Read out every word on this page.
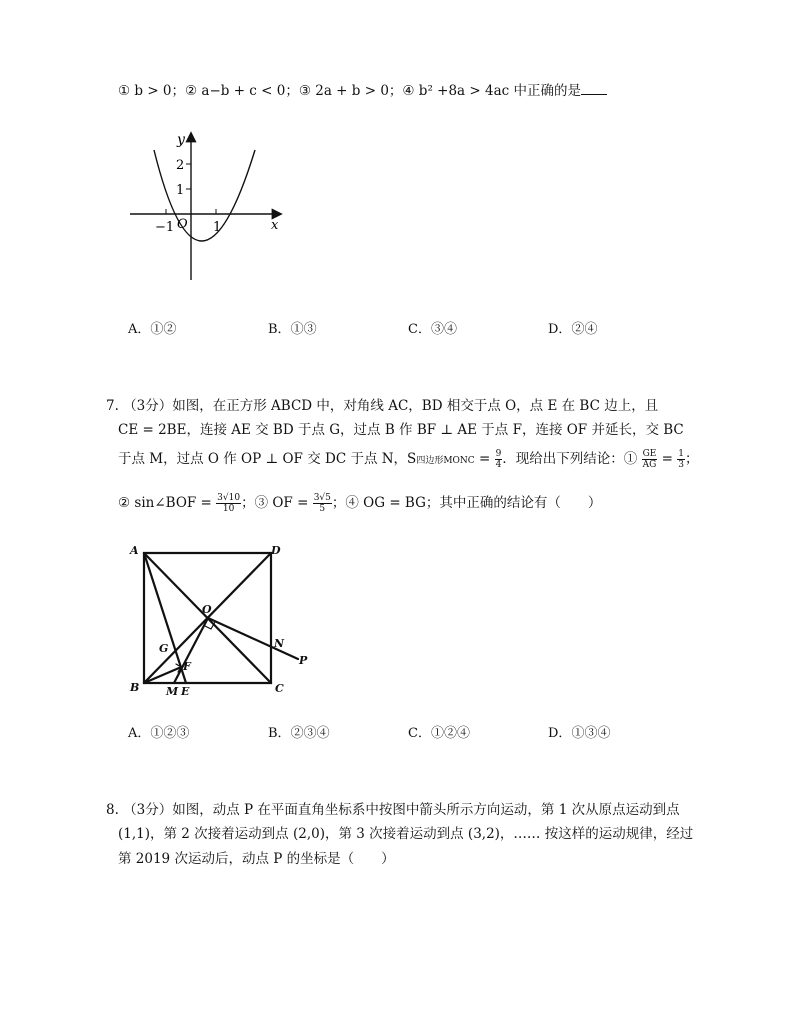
① b > 0；② a−b + c < 0；③ 2a + b > 0；④ b² +8a > 4ac 中正确的是
y
x
O
2
1
−1	1
A．①②	B．①③	C．③④	D．②④
7. （3分）如图，在正方形 ABCD 中，对角线 AC，BD 相交于点 O，点 E 在 BC 边上，且
CE = 2BE，连接 AE 交 BD 于点 G，过点 B 作 BF ⊥ AE 于点 F，连接 OF 并延长，交 BC
于点 M，过点 O 作 OP ⊥ OF 交 DC 于点 N，S四边形MONC = $\frac{9}{4}$ ．现给出下列结论：① $\frac{GE}{AG} = \frac{1}{3}$ ；
② sin∠BOF = $\frac{3√10}{10}$ ；③ OF = $\frac{3√5}{5}$ ；④ OG = BG；其中正确的结论有（　　）
A	D
B	C
O
G
F
M E
N
P
A．①②③	B．②③④	C．①②④	D．①③④
8. （3分）如图，动点 P 在平面直角坐标系中按图中箭头所示方向运动，第 1 次从原点运动到点
(1,1)，第 2 次接着运动到点 (2,0)，第 3 次接着运动到点 (3,2)，…… 按这样的运动规律，经过
第 2019 次运动后，动点 P 的坐标是（　　）
